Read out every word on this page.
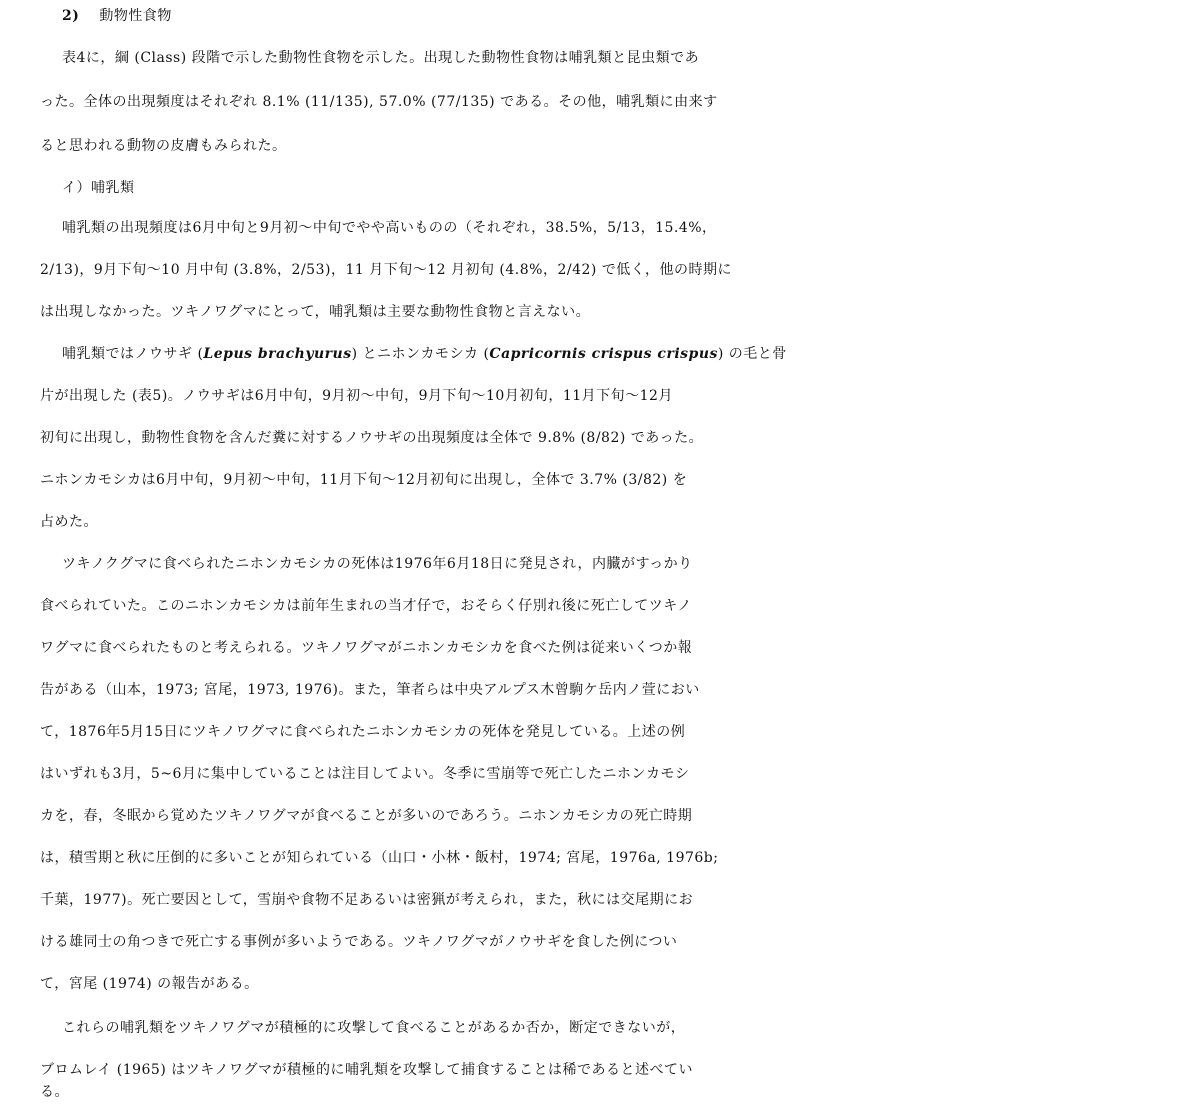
2) 動物性食物
表4に，綱 (Class) 段階で示した動物性食物を示した。出現した動物性食物は哺乳類と昆虫類であ
った。全体の出現頻度はそれぞれ 8.1% (11/135), 57.0% (77/135) である。その他，哺乳類に由来す
ると思われる動物の皮膚もみられた。
イ）哺乳類
哺乳類の出現頻度は6月中旬と9月初～中旬でやや高いものの（それぞれ，38.5%，5/13，15.4%，
2/13)，9月下旬～10 月中旬 (3.8%，2/53)，11 月下旬～12 月初旬 (4.8%，2/42) で低く，他の時期に
は出現しなかった。ツキノワグマにとって，哺乳類は主要な動物性食物と言えない。
哺乳類ではノウサギ (Lepus brachyurus) とニホンカモシカ (Capricornis crispus crispus) の毛と骨
片が出現した (表5)。ノウサギは6月中旬，9月初～中旬，9月下旬～10月初旬，11月下旬～12月
初旬に出現し，動物性食物を含んだ糞に対するノウサギの出現頻度は全体で 9.8% (8/82) であった。
ニホンカモシカは6月中旬，9月初～中旬，11月下旬～12月初旬に出現し，全体で 3.7% (3/82) を
占めた。
ツキノクグマに食べられたニホンカモシカの死体は1976年6月18日に発見され，内臓がすっかり
食べられていた。このニホンカモシカは前年生まれの当才仔で，おそらく仔別れ後に死亡してツキノ
ワグマに食べられたものと考えられる。ツキノワグマがニホンカモシカを食べた例は従来いくつか報
告がある（山本，1973; 宮尾，1973, 1976)。また，筆者らは中央アルプス木曾駒ケ岳内ノ萱におい
て，1876年5月15日にツキノワグマに食べられたニホンカモシカの死体を発見している。上述の例
はいずれも3月，5~6月に集中していることは注目してよい。冬季に雪崩等で死亡したニホンカモシ
カを，春，冬眠から覚めたツキノワグマが食べることが多いのであろう。ニホンカモシカの死亡時期
は，積雪期と秋に圧倒的に多いことが知られている（山口・小林・飯村，1974; 宮尾，1976a, 1976b;
千葉，1977)。死亡要因として，雪崩や食物不足あるいは密猟が考えられ，また，秋には交尾期にお
ける雄同士の角つきで死亡する事例が多いようである。ツキノワグマがノウサギを食した例につい
て，宮尾 (1974) の報告がある。
これらの哺乳類をツキノワグマが積極的に攻撃して食べることがあるか否か，断定できないが，
ブロムレイ (1965) はツキノワグマが積極的に哺乳類を攻撃して捕食することは稀であると述べてい
る。
